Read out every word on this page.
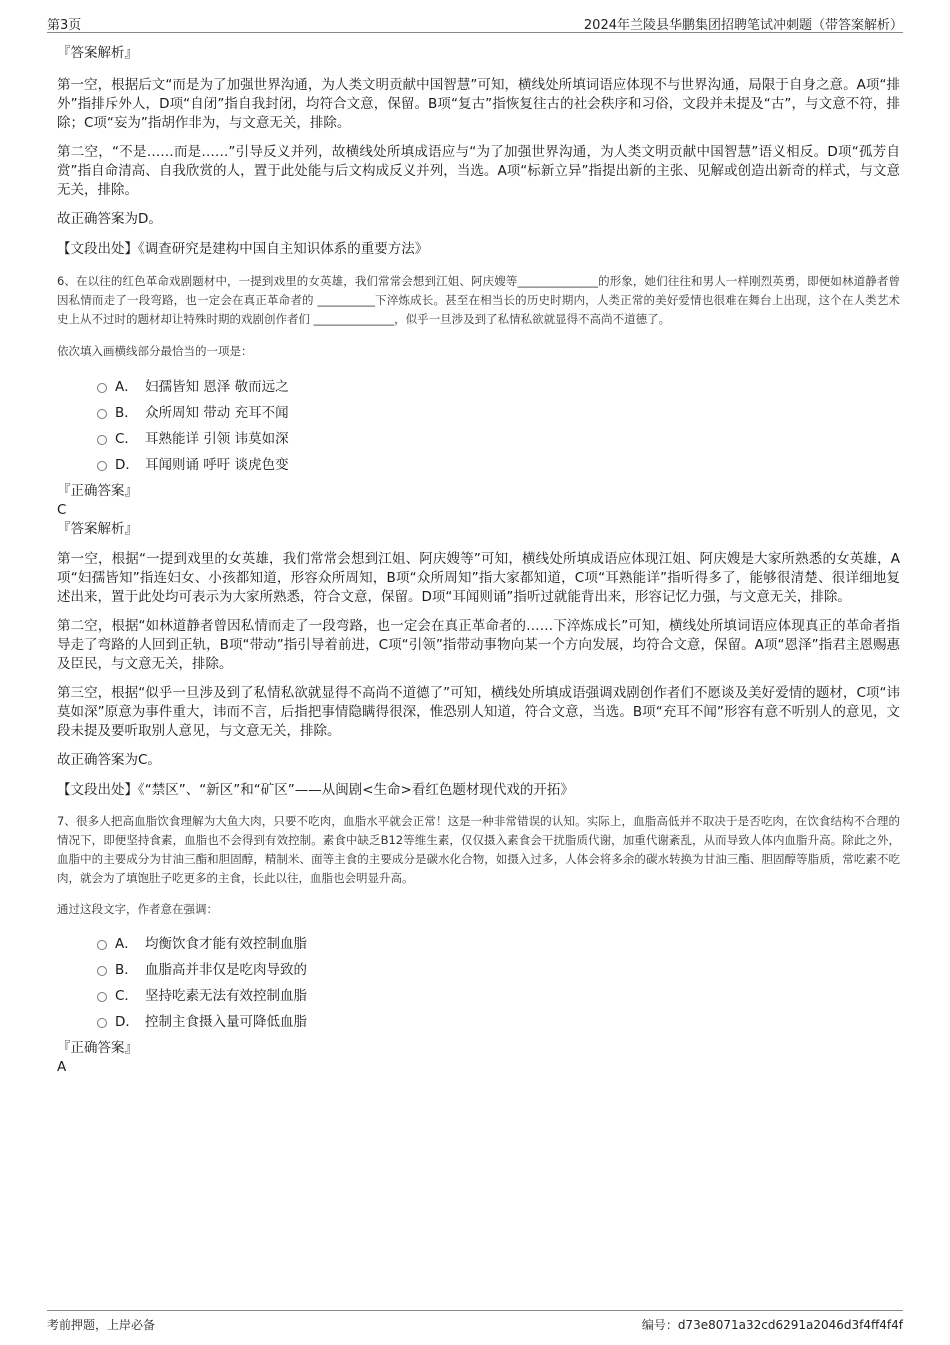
第3页	2024年兰陵县华鹏集团招聘笔试冲刺题（带答案解析）

『答案解析』

第一空，根据后文“而是为了加强世界沟通，为人类文明贡献中国智慧”可知，横线处所填词语应体现不与世界沟通，局限于自身之意。A项“排外”指排斥外人，D项“自闭”指自我封闭，均符合文意，保留。B项“复古”指恢复往古的社会秩序和习俗，文段并未提及“古”，与文意不符，排除；C项“妄为”指胡作非为，与文意无关，排除。

第二空，“不是……而是……”引导反义并列，故横线处所填成语应与“为了加强世界沟通，为人类文明贡献中国智慧”语义相反。D项“孤芳自赏”指自命清高、自我欣赏的人，置于此处能与后文构成反义并列，当选。A项“标新立异”指提出新的主张、见解或创造出新奇的样式，与文意无关，排除。

故正确答案为D。

【文段出处】《调查研究是建构中国自主知识体系的重要方法》

6、在以往的红色革命戏剧题材中，一提到戏里的女英雄，我们常常会想到江姐、阿庆嫂等______________的形象，她们往往和男人一样刚烈英勇，即便如林道静者曾因私情而走了一段弯路，也一定会在真正革命者的 __________下淬炼成长。甚至在相当长的历史时期内，人类正常的美好爱情也很难在舞台上出现，这个在人类艺术史上从不过时的题材却让特殊时期的戏剧创作者们 ______________，似乎一旦涉及到了私情私欲就显得不高尚不道德了。

依次填入画横线部分最恰当的一项是：

A． 妇孺皆知 恩泽 敬而远之
B． 众所周知 带动 充耳不闻
C． 耳熟能详 引领 讳莫如深
D． 耳闻则诵 呼吁 谈虎色变

『正确答案』

C

『答案解析』

第一空，根据“一提到戏里的女英雄，我们常常会想到江姐、阿庆嫂等”可知，横线处所填成语应体现江姐、阿庆嫂是大家所熟悉的女英雄，A项“妇孺皆知”指连妇女、小孩都知道，形容众所周知，B项“众所周知”指大家都知道，C项“耳熟能详”指听得多了，能够很清楚、很详细地复述出来，置于此处均可表示为大家所熟悉，符合文意，保留。D项“耳闻则诵”指听过就能背出来，形容记忆力强，与文意无关，排除。

第二空，根据“如林道静者曾因私情而走了一段弯路，也一定会在真正革命者的……下淬炼成长”可知，横线处所填词语应体现真正的革命者指导走了弯路的人回到正轨，B项“带动”指引导着前进，C项“引领”指带动事物向某一个方向发展，均符合文意，保留。A项“恩泽”指君主恩赐惠及臣民，与文意无关，排除。

第三空，根据“似乎一旦涉及到了私情私欲就显得不高尚不道德了”可知，横线处所填成语强调戏剧创作者们不愿谈及美好爱情的题材，C项“讳莫如深”原意为事件重大，讳而不言，后指把事情隐瞒得很深，惟恐别人知道，符合文意，当选。B项“充耳不闻”形容有意不听别人的意见，文段未提及要听取别人意见，与文意无关，排除。

故正确答案为C。

【文段出处】《“禁区”、“新区”和“矿区”——从闽剧<生命>看红色题材现代戏的开拓》

7、很多人把高血脂饮食理解为大鱼大肉，只要不吃肉，血脂水平就会正常！这是一种非常错误的认知。实际上，血脂高低并不取决于是否吃肉，在饮食结构不合理的情况下，即便坚持食素，血脂也不会得到有效控制。素食中缺乏B12等维生素，仅仅摄入素食会干扰脂质代谢，加重代谢紊乱，从而导致人体内血脂升高。除此之外，血脂中的主要成分为甘油三酯和胆固醇，精制米、面等主食的主要成分是碳水化合物，如摄入过多，人体会将多余的碳水转换为甘油三酯、胆固醇等脂质，常吃素不吃肉，就会为了填饱肚子吃更多的主食，长此以往，血脂也会明显升高。

通过这段文字，作者意在强调：

A． 均衡饮食才能有效控制血脂
B． 血脂高并非仅是吃肉导致的
C． 坚持吃素无法有效控制血脂
D． 控制主食摄入量可降低血脂

『正确答案』

A

考前押题，上岸必备	编号：d73e8071a32cd6291a2046d3f4ff4f4f
